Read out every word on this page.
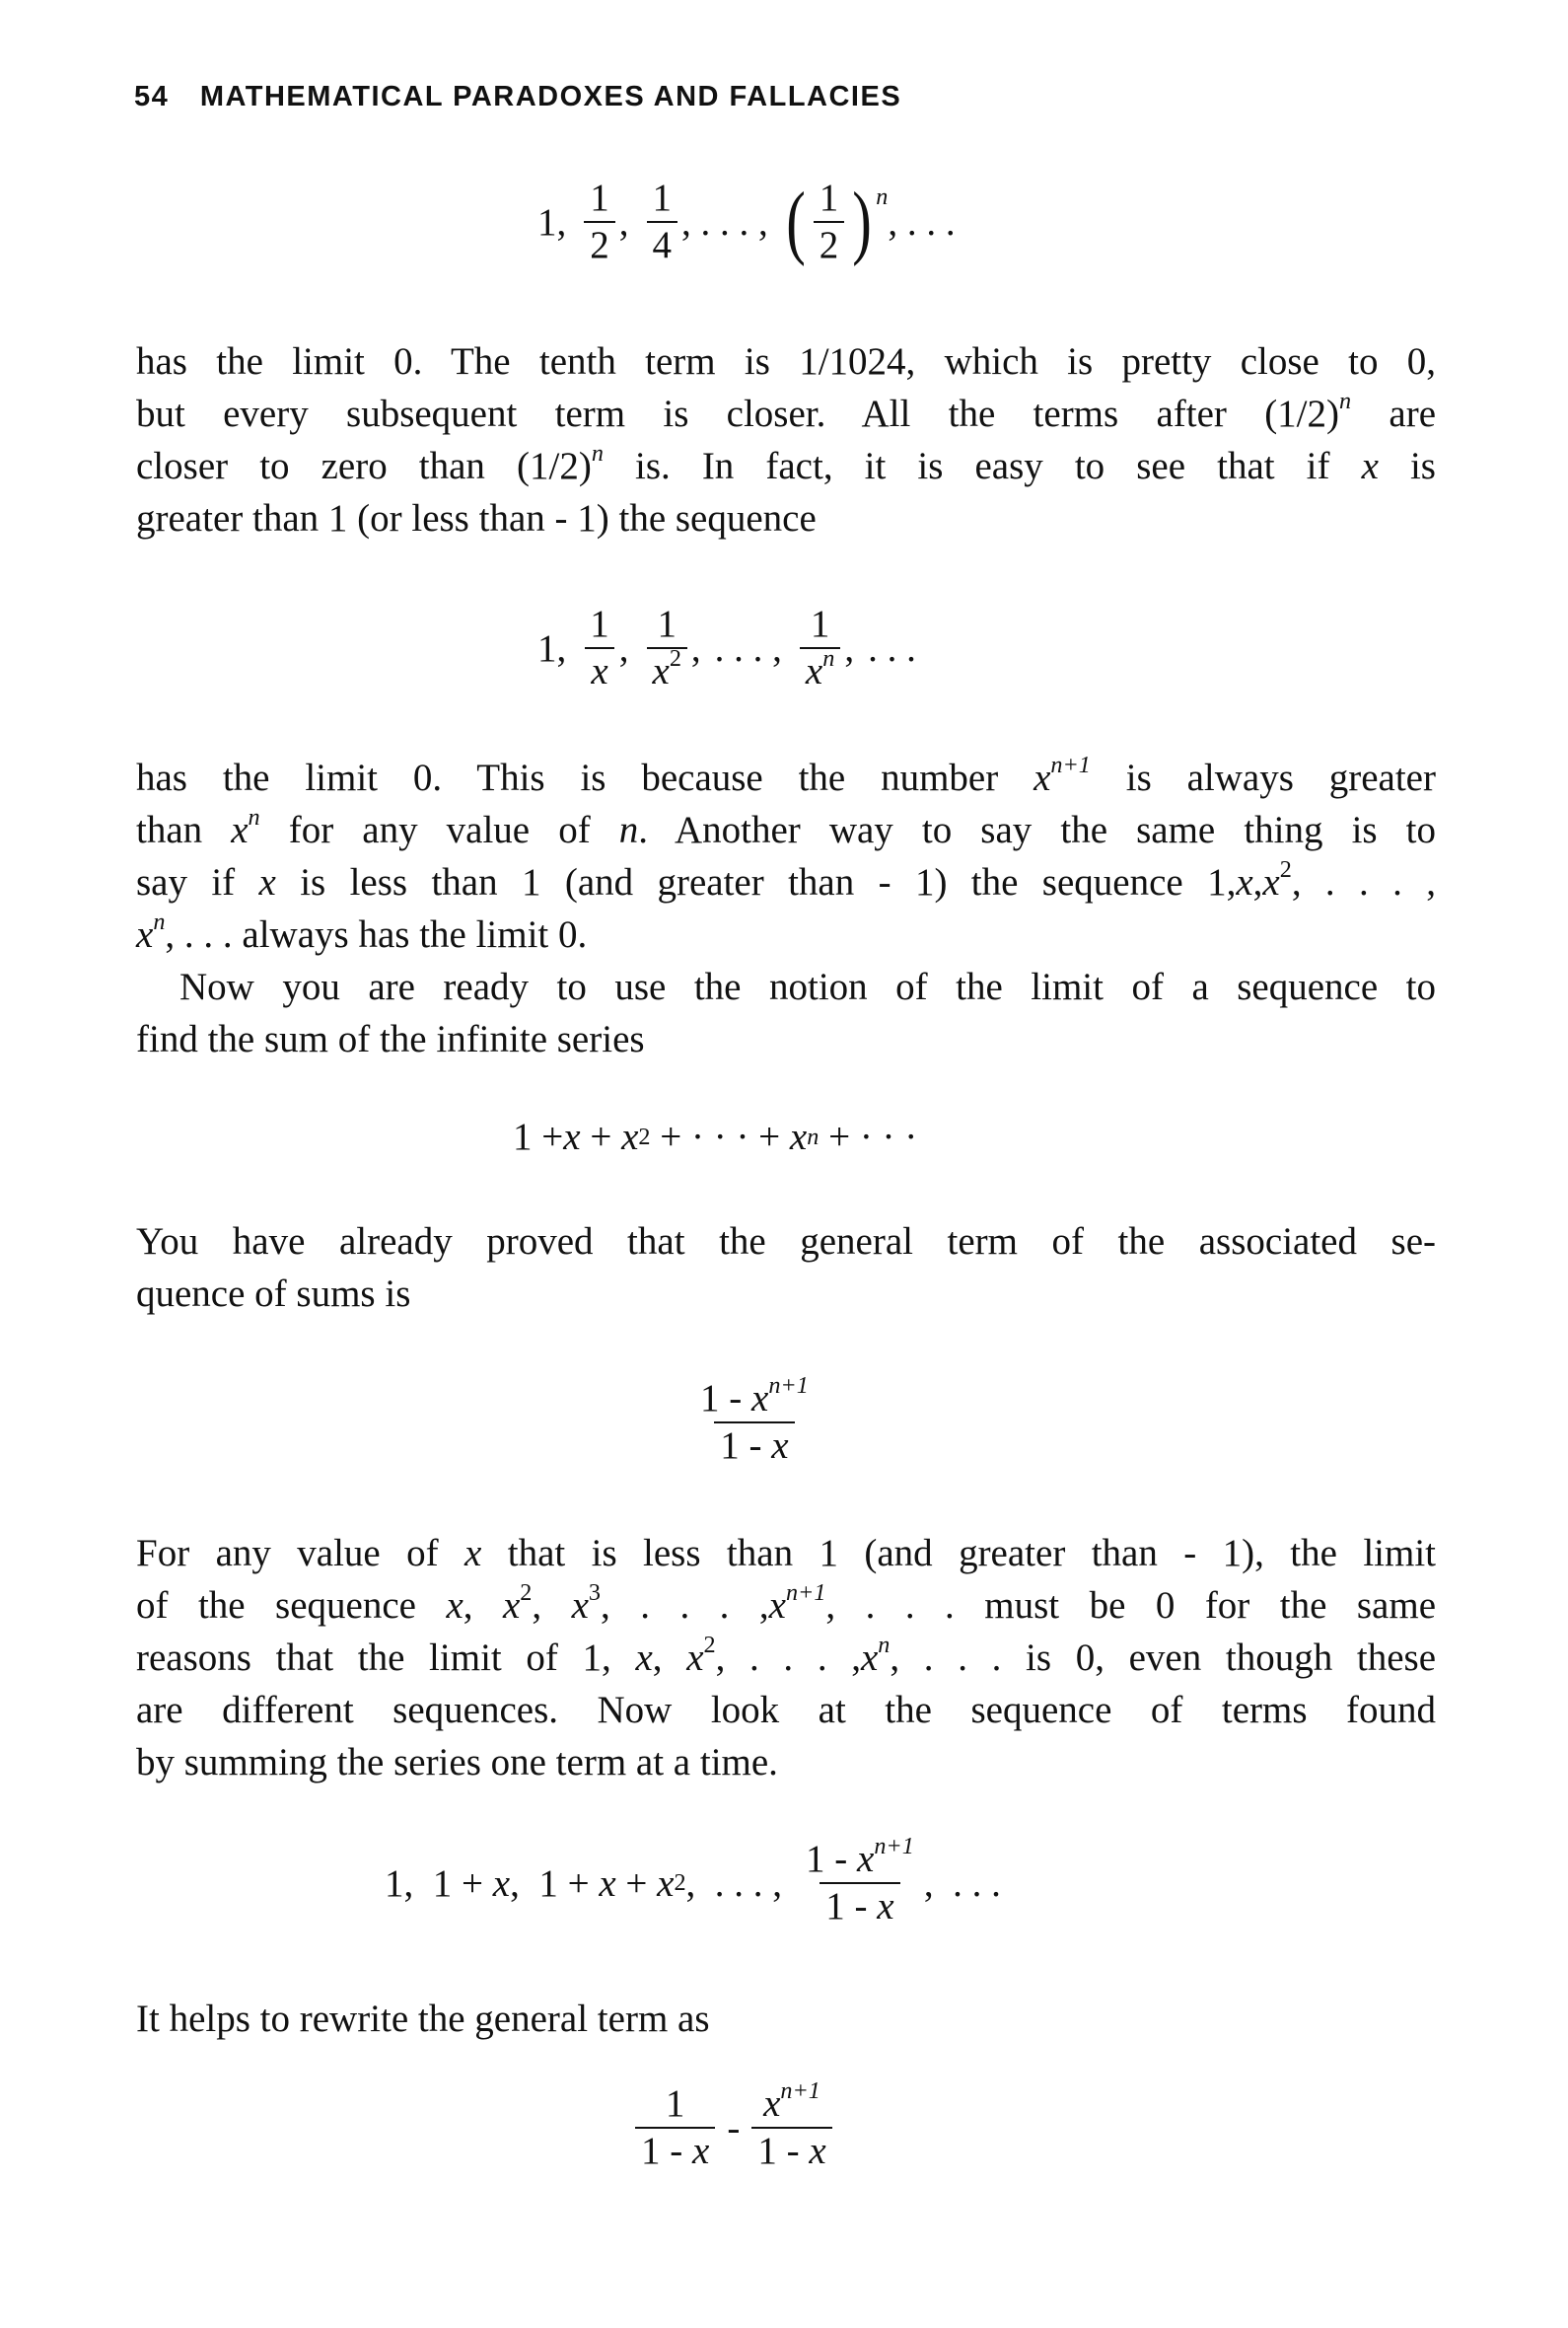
54 MATHEMATICAL PARADOXES AND FALLACIES
1, $\frac{1}{2}$ , $\frac{1}{4}$ , . . . , ( $\frac{1}{2}$ ) n
, . . .

has the limit 0. The tenth term is 1/1024, which is pretty close to 0,
but every subsequent term is closer. All the terms after $(1/2)^n$ are
closer to zero than $(1/2)^n$ is. In fact, it is easy to see that if x is
greater than 1 (or less than - 1) the sequence

1, $\frac{1}{x}$ , $\frac{1}{x^2}$ , . . . , $\frac{1}{x^n}$ , . . .

has the limit 0. This is because the number $x^{n+1}$ is always greater
than $x^n$ for any value of n. Another way to say the same thing is to
say if x is less than 1 (and greater than - 1) the sequence $1,x,x^2$, . . . ,
$x^n$, . . . always has the limit 0.

Now you are ready to use the notion of the limit of a sequence to
find the sum of the infinite series

1 + x + x 2 + · · · + x n + · · ·

You have already proved that the general term of the associated se-
quence of sums is

$\frac{1 - x^{n+1}}{1 - x}$

For any value of x that is less than 1 (and greater than - 1), the limit
of the sequence x, $x^2$, $x^3$, . . . $,x^{n+1}$, . . . must be 0 for the same
reasons that the limit of 1, x, $x^2$, . . . $,x^n$, . . . is 0, even though these
are different sequences. Now look at the sequence of terms found
by summing the series one term at a time.

1,  1 + x ,  1 + x + x 2 ,  . . . , $\frac{1 - x^{n+1}}{1 - x}$ ,  . . .

It helps to rewrite the general term as

$\frac{1}{1 - x} - \frac{x^{n+1}}{1 - x}$
